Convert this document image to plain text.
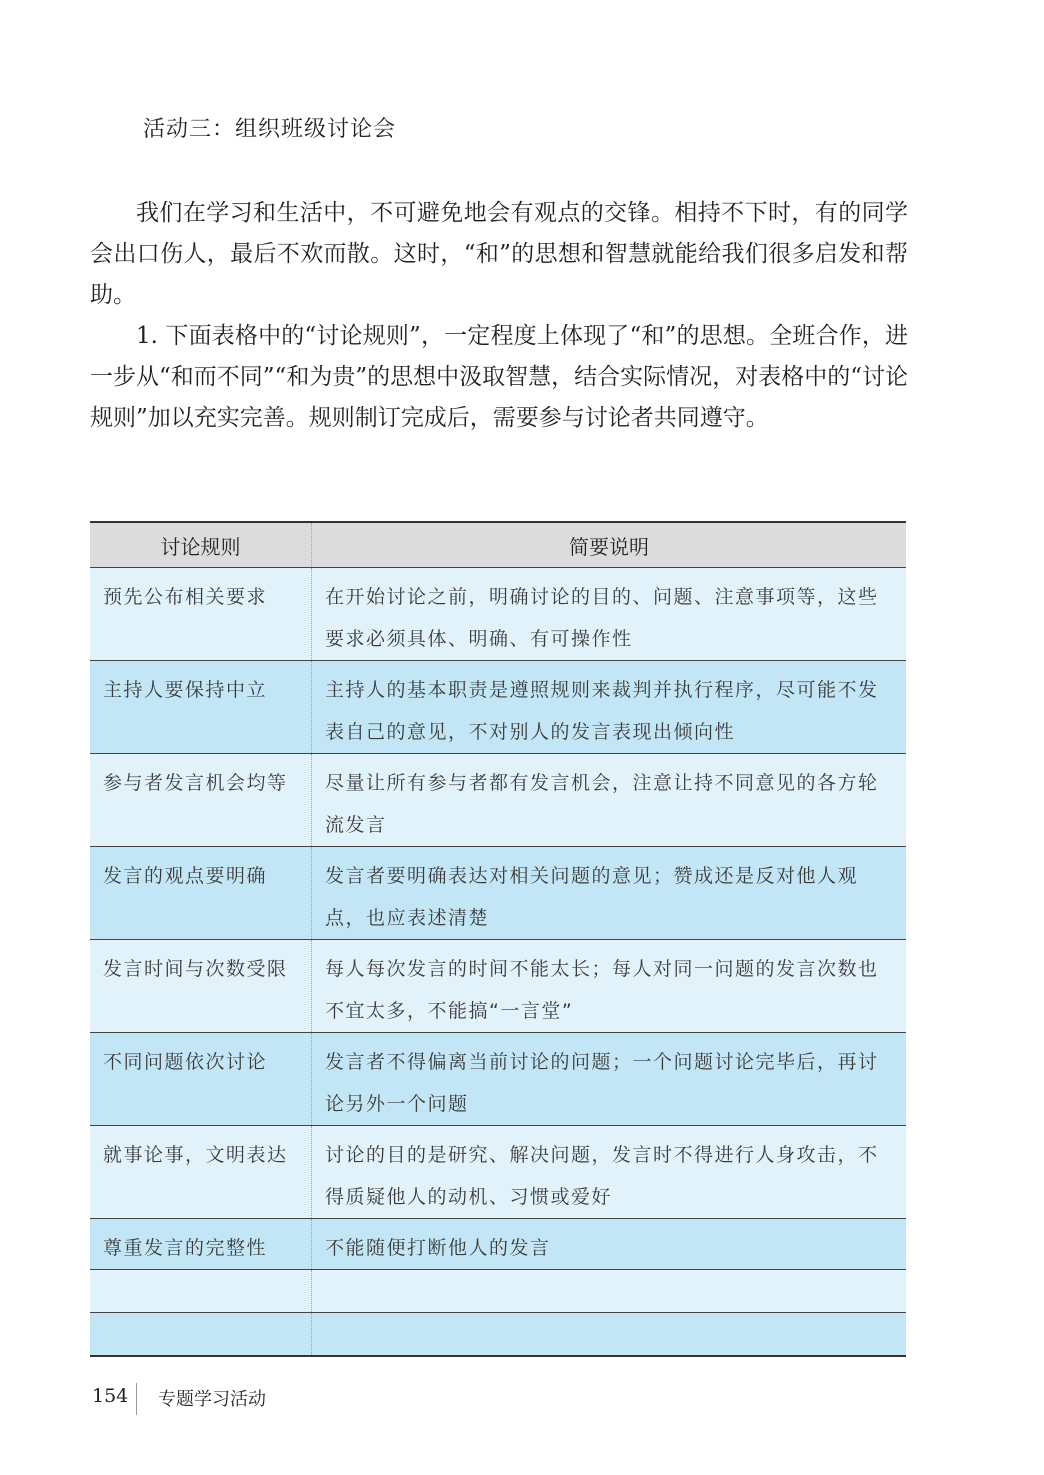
活动三：组织班级讨论会

我们在学习和生活中，不可避免地会有观点的交锋。相持不下时，有的同学会出口伤人，最后不欢而散。这时，“和”的思想和智慧就能给我们很多启发和帮助。

1. 下面表格中的“讨论规则”，一定程度上体现了“和”的思想。全班合作，进一步从“和而不同”“和为贵”的思想中汲取智慧，结合实际情况，对表格中的“讨论规则”加以充实完善。规则制订完成后，需要参与讨论者共同遵守。

讨论规则	简要说明
预先公布相关要求	在开始讨论之前，明确讨论的目的、问题、注意事项等，这些要求必须具体、明确、有可操作性
主持人要保持中立	主持人的基本职责是遵照规则来裁判并执行程序，尽可能不发表自己的意见，不对别人的发言表现出倾向性
参与者发言机会均等	尽量让所有参与者都有发言机会，注意让持不同意见的各方轮流发言
发言的观点要明确	发言者要明确表达对相关问题的意见；赞成还是反对他人观点，也应表述清楚
发言时间与次数受限	每人每次发言的时间不能太长；每人对同一问题的发言次数也不宜太多，不能搞“一言堂”
不同问题依次讨论	发言者不得偏离当前讨论的问题；一个问题讨论完毕后，再讨论另外一个问题
就事论事，文明表达	讨论的目的是研究、解决问题，发言时不得进行人身攻击，不得质疑他人的动机、习惯或爱好
尊重发言的完整性	不能随便打断他人的发言

154 专题学习活动
